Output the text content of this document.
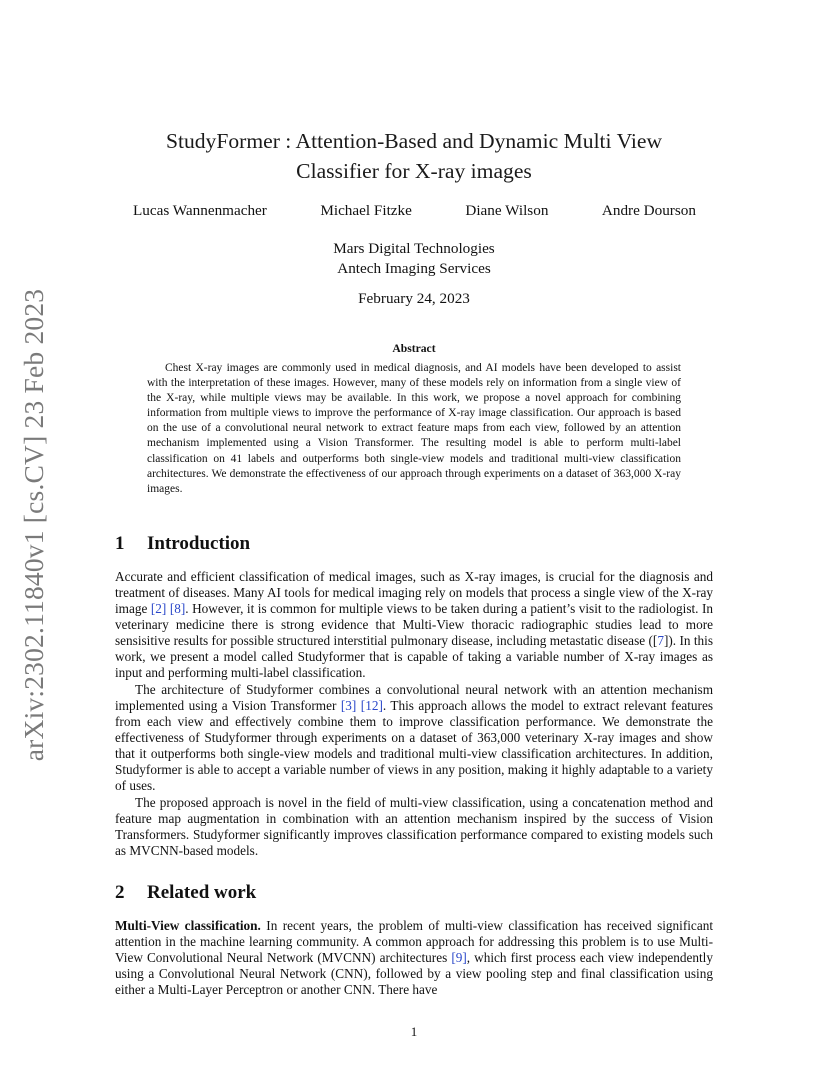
arXiv:2302.11840v1 [cs.CV] 23 Feb 2023
StudyFormer : Attention-Based and Dynamic Multi View
Classifier for X-ray images
Lucas Wannenmacher	Michael Fitzke	Diane Wilson	Andre Dourson
Mars Digital Technologies
Antech Imaging Services
February 24, 2023
Abstract

Chest X-ray images are commonly used in medical diagnosis, and AI models have been developed to assist with the interpretation of these images. However, many of these models rely on information from a single view of the X-ray, while multiple views may be available. In this work, we propose a novel approach for combining information from multiple views to improve the performance of X-ray image classification. Our approach is based on the use of a convolutional neural network to extract feature maps from each view, followed by an attention mechanism implemented using a Vision Transformer. The resulting model is able to perform multi-label classification on 41 labels and outperforms both single-view models and traditional multi-view classification architectures. We demonstrate the effectiveness of our approach through experiments on a dataset of 363,000 X-ray images.

1 Introduction

Accurate and efficient classification of medical images, such as X-ray images, is crucial for the diagnosis and treatment of diseases. Many AI tools for medical imaging rely on models that process a single view of the X-ray image [2] [8]. However, it is common for multiple views to be taken during a patient’s visit to the radiologist. In veterinary medicine there is strong evidence that Multi-View thoracic radiographic studies lead to more sensisitive results for possible structured interstitial pulmonary disease, including metastatic disease ([7]). In this work, we present a model called Studyformer that is capable of taking a variable number of X-ray images as input and performing multi-label classification.

The architecture of Studyformer combines a convolutional neural network with an attention mechanism implemented using a Vision Transformer [3] [12]. This approach allows the model to extract relevant features from each view and effectively combine them to improve classification performance. We demonstrate the effectiveness of Studyformer through experiments on a dataset of 363,000 veterinary X-ray images and show that it outperforms both single-view models and traditional multi-view classification architectures. In addition, Studyformer is able to accept a variable number of views in any position, making it highly adaptable to a variety of uses.

The proposed approach is novel in the field of multi-view classification, using a concatenation method and feature map augmentation in combination with an attention mechanism inspired by the success of Vision Transformers. Studyformer significantly improves classification performance compared to existing models such as MVCNN-based models.

2 Related work

Multi-View classification. In recent years, the problem of multi-view classification has received significant attention in the machine learning community. A common approach for addressing this problem is to use Multi-View Convolutional Neural Network (MVCNN) architectures [9], which first process each view independently using a Convolutional Neural Network (CNN), followed by a view pooling step and final classification using either a Multi-Layer Perceptron or another CNN. There have

1
